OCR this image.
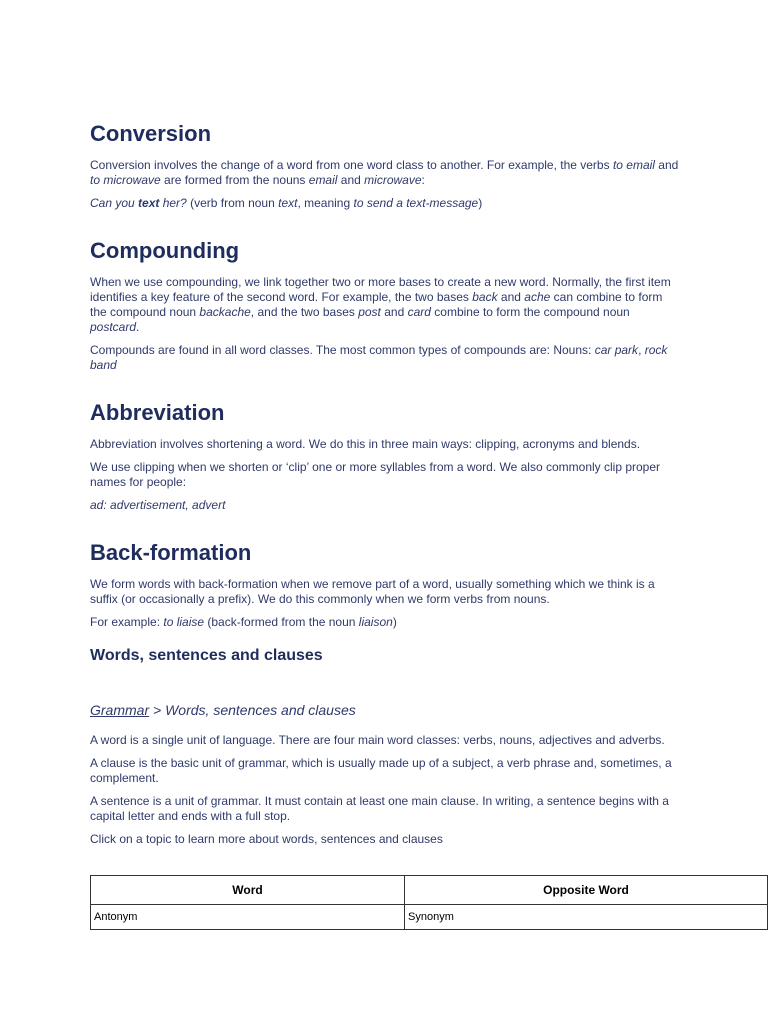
Conversion

Conversion involves the change of a word from one word class to another. For example, the verbs to email and to microwave are formed from the nouns email and microwave:

Can you text her? (verb from noun text, meaning to send a text-message)

Compounding

When we use compounding, we link together two or more bases to create a new word. Normally, the first item identifies a key feature of the second word. For example, the two bases back and ache can combine to form the compound noun backache, and the two bases post and card combine to form the compound noun postcard.

Compounds are found in all word classes. The most common types of compounds are: Nouns: car park, rock band

Abbreviation

Abbreviation involves shortening a word. We do this in three main ways: clipping, acronyms and blends.

We use clipping when we shorten or ‘clip’ one or more syllables from a word. We also commonly clip proper names for people:

ad: advertisement, advert

Back-formation

We form words with back-formation when we remove part of a word, usually something which we think is a suffix (or occasionally a prefix). We do this commonly when we form verbs from nouns.

For example: to liaise (back-formed from the noun liaison)

Words, sentences and clauses
Grammar > Words, sentences and clauses

A word is a single unit of language. There are four main word classes: verbs, nouns, adjectives and adverbs.

A clause is the basic unit of grammar, which is usually made up of a subject, a verb phrase and, sometimes, a complement.

A sentence is a unit of grammar. It must contain at least one main clause. In writing, a sentence begins with a capital letter and ends with a full stop.

Click on a topic to learn more about words, sentences and clauses

Word	Opposite Word
Antonym	Synonym
